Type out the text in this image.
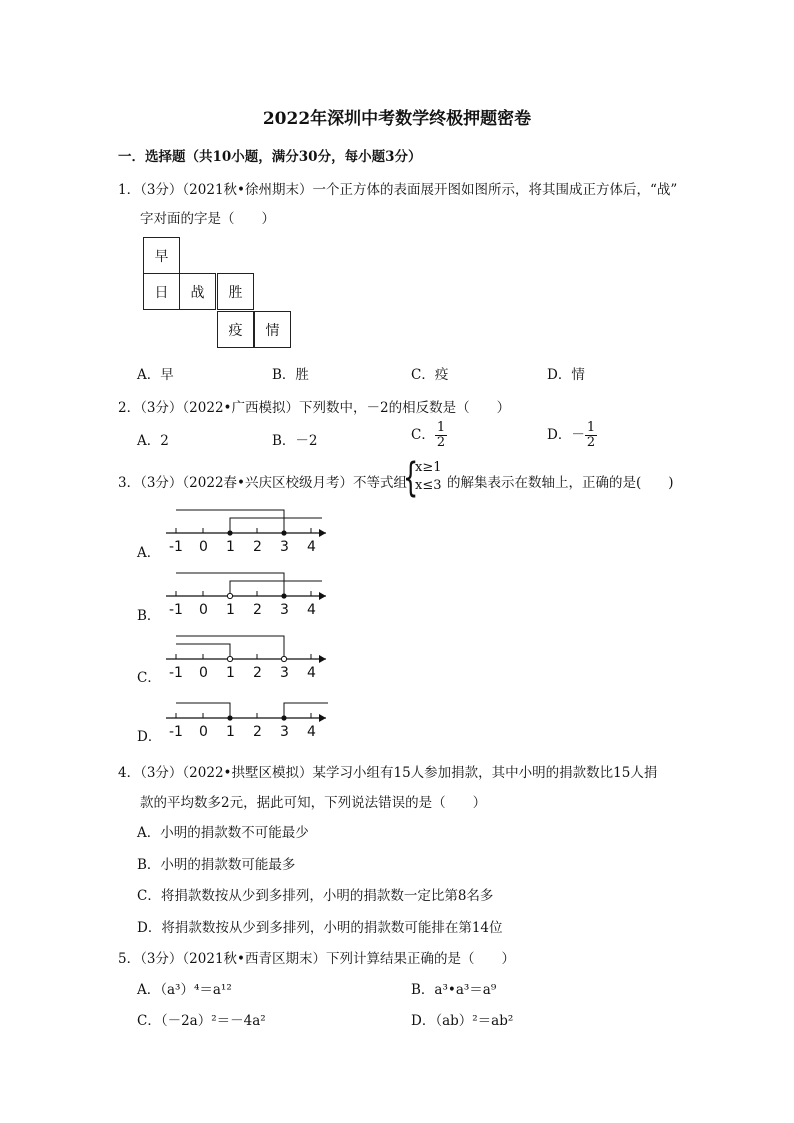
2022年深圳中考数学终极押题密卷
一．选择题（共10小题，满分30分，每小题3分）
1．（3分）（2021秋•徐州期末）一个正方体的表面展开图如图所示，将其围成正方体后，“战”
字对面的字是（　　）
早
日	战	胜
疫	情
A．早	B．胜	C．疫	D．情
2．（3分）（2022•广西模拟）下列数中，－2的相反数是（　　）
A．2	B．－2	C． $\frac{1}{2}$	D．－ $\frac{1}{2}$
3．（3分）（2022春•兴庆区校级月考）不等式组
{
x≥1
x≤3 的解集表示在数轴上，正确的是(　　)
A．
B．
C．
D．
-1 0 1 2 3 4
-1 0 1 2 3 4
-1 0 1 2 3 4
-1 0 1 2 3 4
4．（3分）（2022•拱墅区模拟）某学习小组有15人参加捐款，其中小明的捐款数比15人捐
款的平均数多2元，据此可知，下列说法错误的是（　　）
A．小明的捐款数不可能最少
B．小明的捐款数可能最多
C．将捐款数按从少到多排列，小明的捐款数一定比第8名多
D．将捐款数按从少到多排列，小明的捐款数可能排在第14位
5．（3分）（2021秋•西青区期末）下列计算结果正确的是（　　）
A．（a³）⁴＝a¹²	B．a³•a³＝a⁹
C．（－2a）²＝－4a²	D．（ab）²＝ab²
